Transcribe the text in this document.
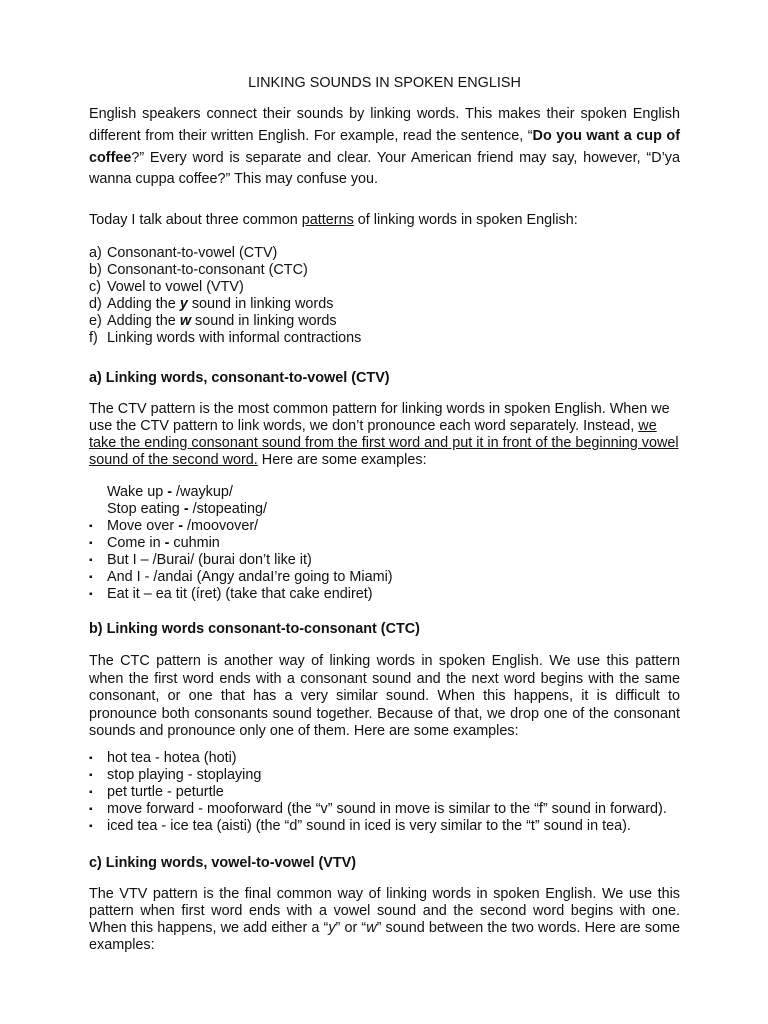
LINKING SOUNDS IN SPOKEN ENGLISH
English speakers connect their sounds by linking words. This makes their spoken English different from their written English. For example, read the sentence, “Do you want a cup of coffee?” Every word is separate and clear. Your American friend may say, however, “D’ya wanna cuppa coffee?” This may confuse you.
Today I talk about three common patterns of linking words in spoken English:
a) Consonant-to-vowel (CTV)
b) Consonant-to-consonant (CTC)
c) Vowel to vowel (VTV)
d) Adding the y sound in linking words
e) Adding the w sound in linking words
f) Linking words with informal contractions
a) Linking words, consonant-to-vowel (CTV)
The CTV pattern is the most common pattern for linking words in spoken English. When we use the CTV pattern to link words, we don’t pronounce each word separately. Instead, we take the ending consonant sound from the first word and put it in front of the beginning vowel sound of the second word. Here are some examples:
Wake up - /waykup/
Stop eating - /stopeating/
▪ Move over - /moovover/
▪ Come in - cuhmin
▪ But I – /Burai/ (burai don’t like it)
▪ And I - /andai (Angy andaI’re going to Miami)
▪ Eat it – ea tit (íret) (take that cake endiret)
b) Linking words consonant-to-consonant (CTC)
The CTC pattern is another way of linking words in spoken English. We use this pattern when the first word ends with a consonant sound and the next word begins with the same consonant, or one that has a very similar sound. When this happens, it is difficult to pronounce both consonants sound together. Because of that, we drop one of the consonant sounds and pronounce only one of them. Here are some examples:
▪ hot tea - hotea (hoti)
▪ stop playing - stoplaying
▪ pet turtle - peturtle
▪ move forward - mooforward (the “v” sound in move is similar to the “f” sound in forward).
▪ iced tea - ice tea (aisti) (the “d” sound in iced is very similar to the “t” sound in tea).
c) Linking words, vowel-to-vowel (VTV)
The VTV pattern is the final common way of linking words in spoken English. We use this pattern when first word ends with a vowel sound and the second word begins with one. When this happens, we add either a “y” or “w” sound between the two words. Here are some examples:
